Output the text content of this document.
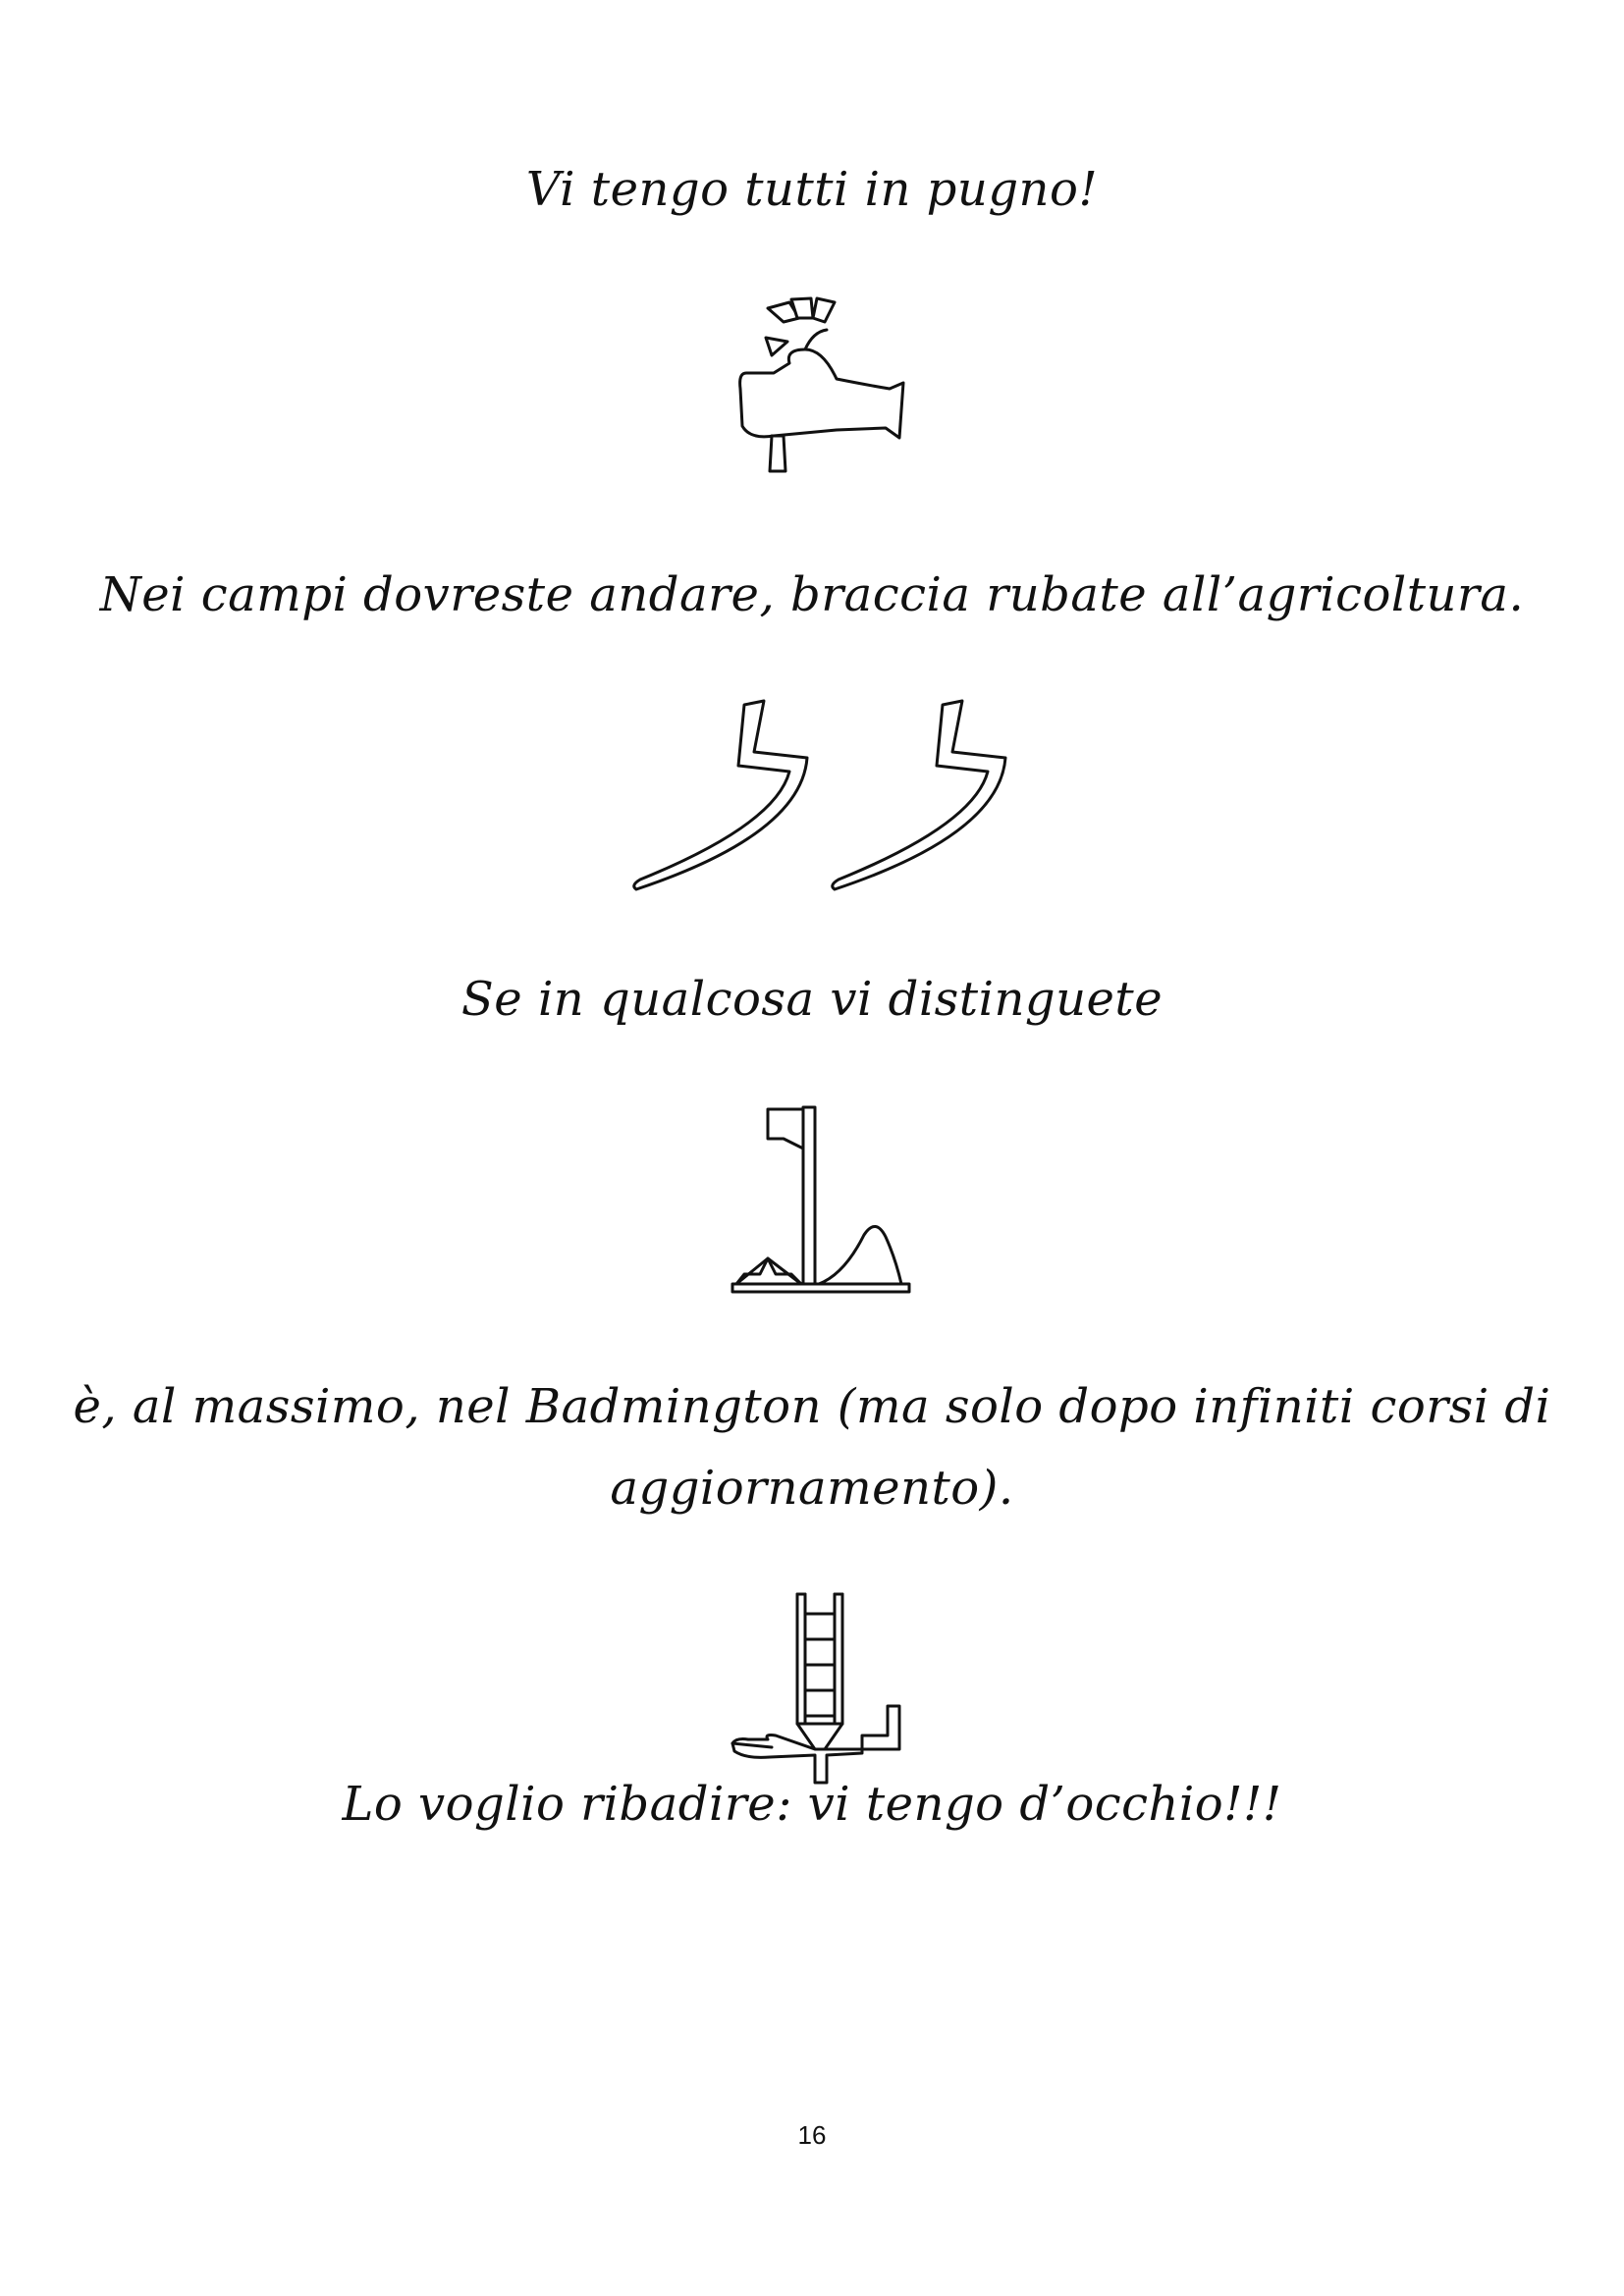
Vi tengo tutti in pugno!
Nei campi dovreste andare, braccia rubate all’agricoltura.
Se in qualcosa vi distinguete
è, al massimo, nel Badmington (ma solo dopo infiniti corsi di
aggiornamento).
Lo voglio ribadire: vi tengo d’occhio!!!
16
